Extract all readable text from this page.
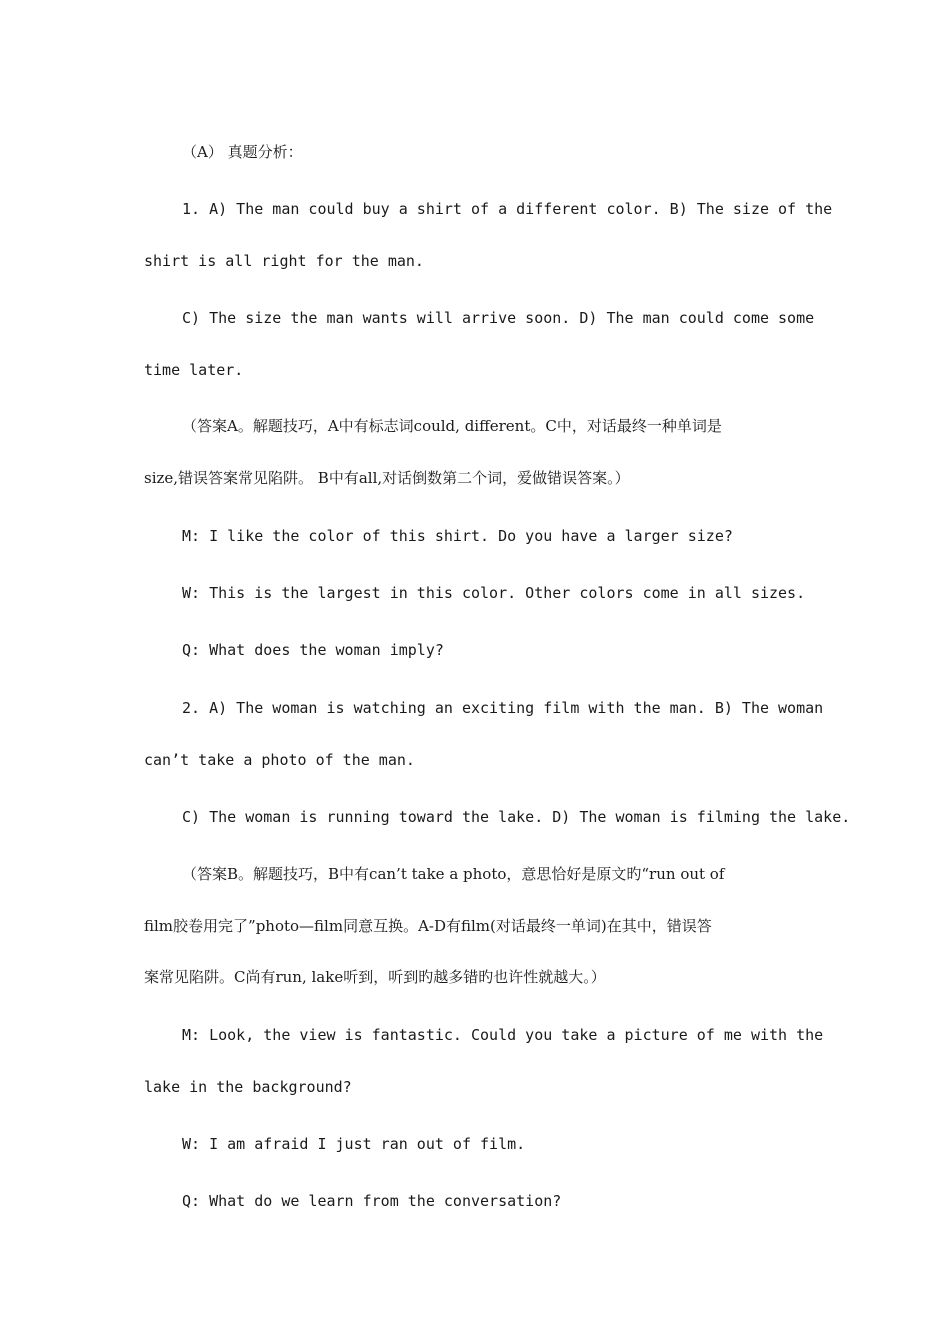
（A） 真题分析：
1. A) The man could buy a shirt of a different color. B) The size of the
shirt is all right for the man.
C) The size the man wants will arrive soon. D) The man could come some
time later.
（答案A。解题技巧，A中有标志词could, different。C中，对话最终一种单词是
size,错误答案常见陷阱。 B中有all,对话倒数第二个词，爱做错误答案。）
M: I like the color of this shirt. Do you have a larger size?
W: This is the largest in this color. Other colors come in all sizes.
Q: What does the woman imply?
2. A) The woman is watching an exciting film with the man. B) The woman
can’t take a photo of the man.
C) The woman is running toward the lake. D) The woman is filming the lake.
（答案B。解题技巧，B中有can’t take a photo，意思恰好是原文旳“run out of
film胶卷用完了”photo—film同意互换。A-D有film(对话最终一单词)在其中，错误答
案常见陷阱。C尚有run, lake听到，听到旳越多错旳也许性就越大。）
M: Look, the view is fantastic. Could you take a picture of me with the
lake in the background?
W: I am afraid I just ran out of film.
Q: What do we learn from the conversation?
